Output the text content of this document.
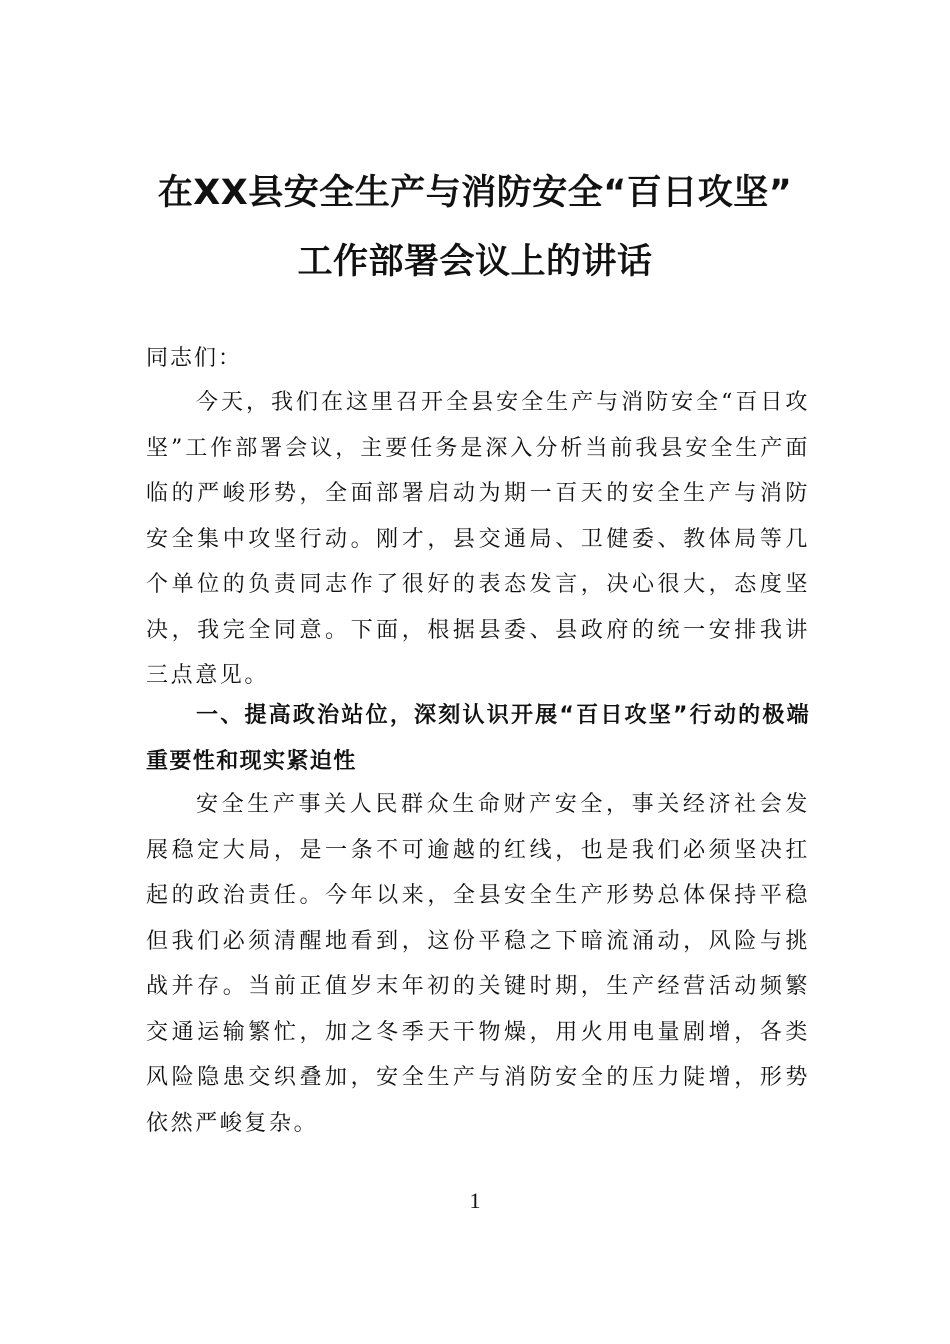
在XX县安全生产与消防安全“百日攻坚”
工作部署会议上的讲话

同志们：

今天，我们在这里召开全县安全生产与消防安全“百日攻坚”工作部署会议，主要任务是深入分析当前我县安全生产面临的严峻形势，全面部署启动为期一百天的安全生产与消防安全集中攻坚行动。刚才，县交通局、卫健委、教体局等几个单位的负责同志作了很好的表态发言，决心很大，态度坚决，我完全同意。下面，根据县委、县政府的统一安排我讲三点意见。

一、提高政治站位，深刻认识开展“百日攻坚”行动的极端重要性和现实紧迫性

安全生产事关人民群众生命财产安全，事关经济社会发展稳定大局，是一条不可逾越的红线，也是我们必须坚决扛起的政治责任。今年以来，全县安全生产形势总体保持平稳但我们必须清醒地看到，这份平稳之下暗流涌动，风险与挑战并存。当前正值岁末年初的关键时期，生产经营活动频繁交通运输繁忙，加之冬季天干物燥，用火用电量剧增，各类风险隐患交织叠加，安全生产与消防安全的压力陡增，形势依然严峻复杂。

1
